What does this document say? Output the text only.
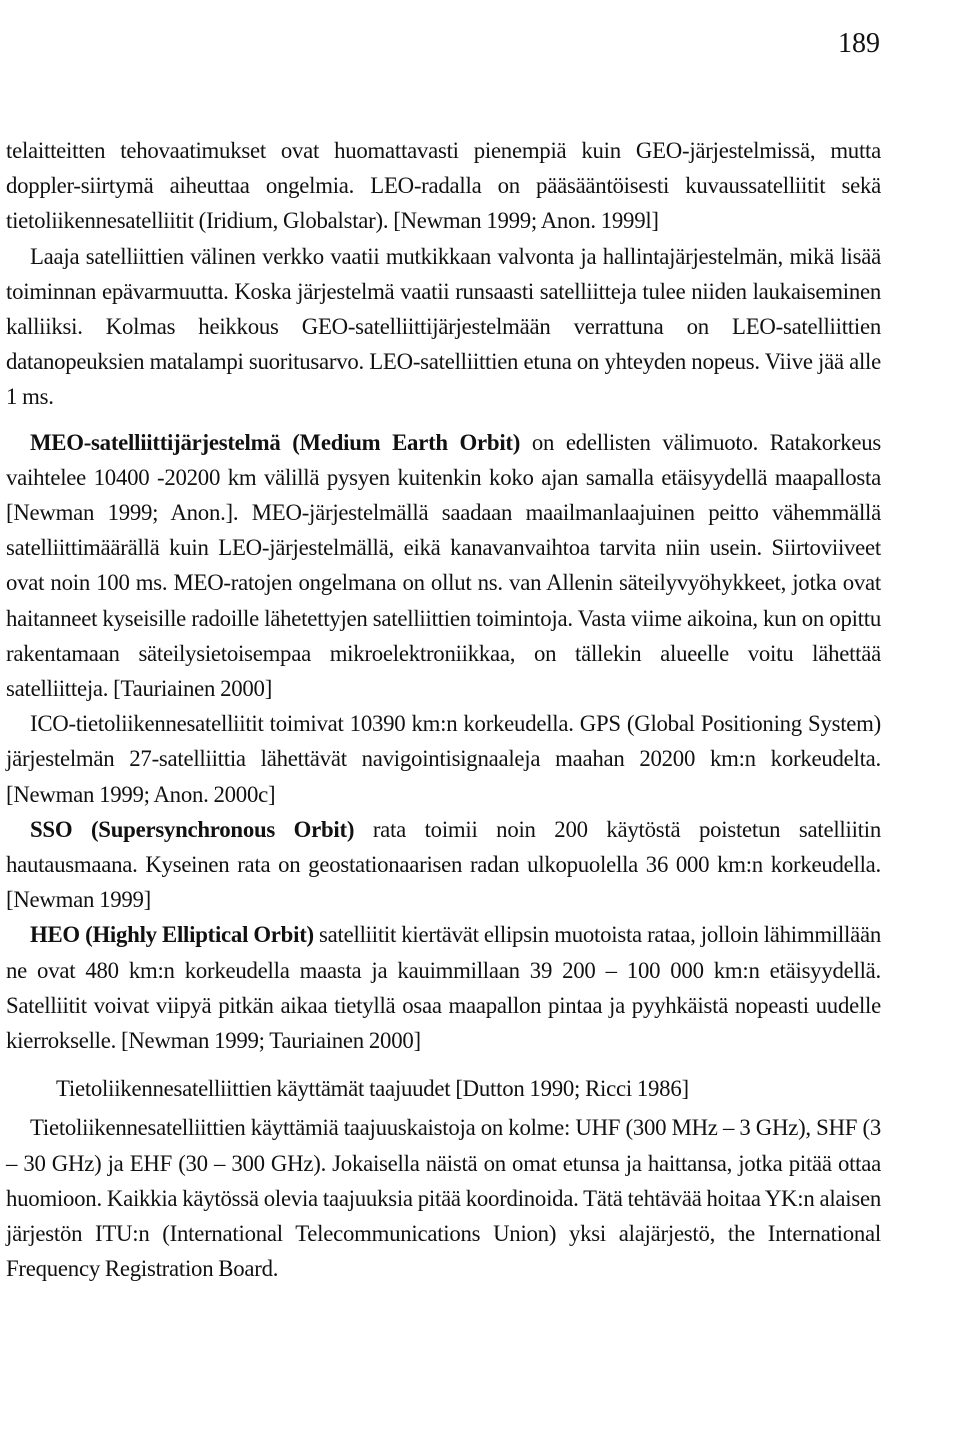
189

telaitteitten tehovaatimukset ovat huomattavasti pienempiä kuin GEO-järjestelmissä, mutta doppler-siirtymä aiheuttaa ongelmia. LEO-radalla on pääsääntöisesti kuvaussatelliitit sekä tietoliikennesatelliitit (Iridium, Globalstar). [Newman 1999; Anon. 1999l]

Laaja satelliittien välinen verkko vaatii mutkikkaan valvonta ja hallintajärjestelmän, mikä lisää toiminnan epävarmuutta. Koska järjestelmä vaatii runsaasti satelliitteja tulee niiden laukaiseminen kalliiksi. Kolmas heikkous GEO-satelliittijärjestelmään verrattuna on LEO-satelliittien datanopeuksien matalampi suoritusarvo. LEO-satelliittien etuna on yhteyden nopeus. Viive jää alle 1 ms.

MEO-satelliittijärjestelmä (Medium Earth Orbit) on edellisten välimuoto. Ratakorkeus vaihtelee 10400 -20200 km välillä pysyen kuitenkin koko ajan samalla etäisyydellä maapallosta [Newman 1999; Anon.]. MEO-järjestelmällä saadaan maailmanlaajuinen peitto vähemmällä satelliittimäärällä kuin LEO-järjestelmällä, eikä kanavanvaihtoa tarvita niin usein. Siirtoviiveet ovat noin 100 ms. MEO-ratojen ongelmana on ollut ns. van Allenin säteilyvyöhykkeet, jotka ovat haitanneet kyseisille radoille lähetettyjen satelliittien toimintoja. Vasta viime aikoina, kun on opittu rakentamaan säteilysietoisempaa mikroelektroniikkaa, on tällekin alueelle voitu lähettää satelliitteja. [Tauriainen 2000]

ICO-tietoliikennesatelliitit toimivat 10390 km:n korkeudella. GPS (Global Positioning System) järjestelmän 27-satelliittia lähettävät navigointisignaaleja maahan 20200 km:n korkeudelta. [Newman 1999; Anon. 2000c]

SSO (Supersynchronous Orbit) rata toimii noin 200 käytöstä poistetun satelliitin hautausmaana. Kyseinen rata on geostationaarisen radan ulkopuolella 36 000 km:n korkeudella. [Newman 1999]

HEO (Highly Elliptical Orbit) satelliitit kiertävät ellipsin muotoista rataa, jolloin lähimmillään ne ovat 480 km:n korkeudella maasta ja kauimmillaan 39 200 – 100 000 km:n etäisyydellä. Satelliitit voivat viipyä pitkän aikaa tietyllä osaa maapallon pintaa ja pyyhkäistä nopeasti uudelle kierrokselle. [Newman 1999; Tauriainen 2000]

Tietoliikennesatelliittien käyttämät taajuudet [Dutton 1990; Ricci 1986]

Tietoliikennesatelliittien käyttämiä taajuuskaistoja on kolme: UHF (300 MHz – 3 GHz), SHF (3 – 30 GHz) ja EHF (30 – 300 GHz). Jokaisella näistä on omat etunsa ja haittansa, jotka pitää ottaa huomioon. Kaikkia käytössä olevia taajuuksia pitää koordinoida. Tätä tehtävää hoitaa YK:n alaisen järjestön ITU:n (International Telecommunications Union) yksi alajärjestö, the International Frequency Registration Board.
